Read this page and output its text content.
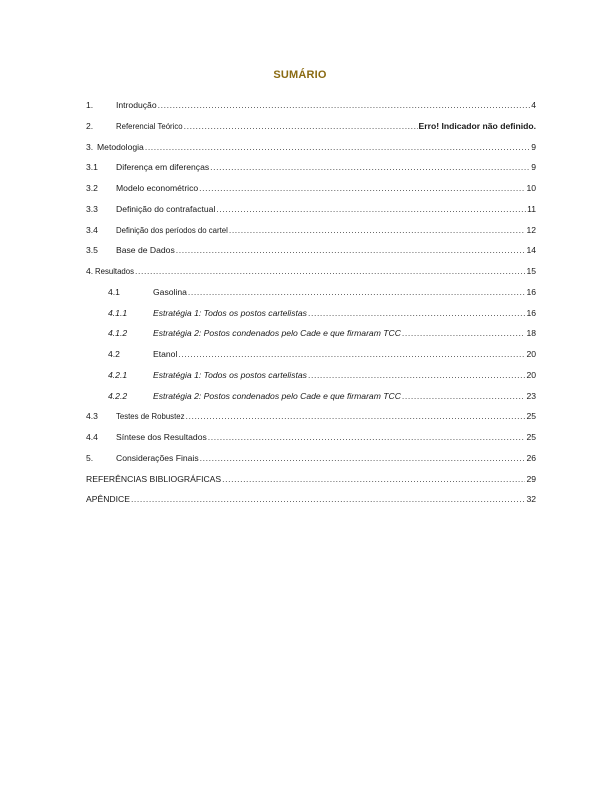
SUMÁRIO
1.	Introdução .....	4
2.	Referencial Teórico .....	Erro! Indicador não definido.
3. Metodologia .....	9
3.1	Diferença em diferenças .....	9
3.2	Modelo econométrico .....	10
3.3	Definição do contrafactual .....	11
3.4	Definição dos períodos do cartel .....	12
3.5	Base de Dados .....	14
4. Resultados .....	15
4.1	Gasolina .....	16
4.1.1	Estratégia 1: Todos os postos cartelistas .....	16
4.1.2	Estratégia 2: Postos condenados pelo Cade e que firmaram TCC .....	18
4.2	Etanol .....	20
4.2.1	Estratégia 1: Todos os postos cartelistas .....	20
4.2.2	Estratégia 2: Postos condenados pelo Cade e que firmaram TCC .....	23
4.3	Testes de Robustez .....	25
4.4	Síntese dos Resultados .....	25
5.	Considerações Finais .....	26
REFERÊNCIAS BIBLIOGRÁFICAS .....	29
APÊNDICE .....	32
